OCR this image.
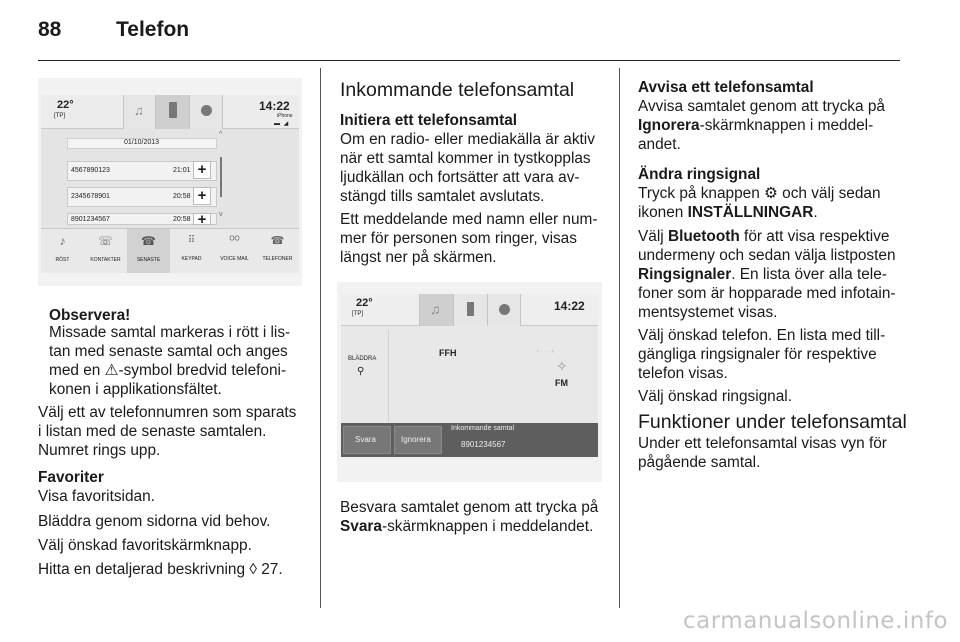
88	Telefon
22°
[TP]	♫	14:22
iPhone
▬ ◢
01/10/2013
4567890123	21:01 +
2345678901	20:58 +
8901234567	20:58 +
^
v
♪
RÖST
☏
KONTAKTER
☎
SENASTE
⠿
KEYPAD
ᴼᴼ
VOICE MAIL
☎
TELEFONER
Observera!
Missade samtal markeras i rött i lis-
tan med senaste samtal och anges
med en ⚠-symbol bredvid telefoni-
konen i applikationsfältet.
Välj ett av telefonnumren som sparats
i listan med de senaste samtalen.
Numret rings upp.
Favoriter
Visa favoritsidan.
Bläddra genom sidorna vid behov.
Välj önskad favoritskärmknapp.
Hitta en detaljerad beskrivning ◊ 27.
Inkommande telefonsamtal
Initiera ett telefonsamtal
Om en radio- eller mediakälla är aktiv
när ett samtal kommer in tystkopplas
ljudkällan och fortsätter att vara av-
stängd tills samtalet avslutats.
Ett meddelande med namn eller num-
mer för personen som ringer, visas
längst ner på skärmen.
22°
[TP]	♫	14:22
BLÄDDRA
⚲
FFH	‹ · · · ›
✧
FM
Svara	Ignorera
Inkommande samtal
8901234567
Besvara samtalet genom att trycka på
Svara-skärmknappen i meddelandet.
Avvisa ett telefonsamtal
Avvisa samtalet genom att trycka på
Ignorera-skärmknappen i meddel-
andet.
Ändra ringsignal
Tryck på knappen ⚙ och välj sedan
ikonen INSTÄLLNINGAR.
Välj Bluetooth för att visa respektive
undermeny och sedan välja listposten
Ringsignaler. En lista över alla tele-
foner som är hopparade med infotain-
mentsystemet visas.
Välj önskad telefon. En lista med till-
gängliga ringsignaler för respektive
telefon visas.
Välj önskad ringsignal.
Funktioner under telefonsamtal
Under ett telefonsamtal visas vyn för
pågående samtal.
carmanualsonline.info
